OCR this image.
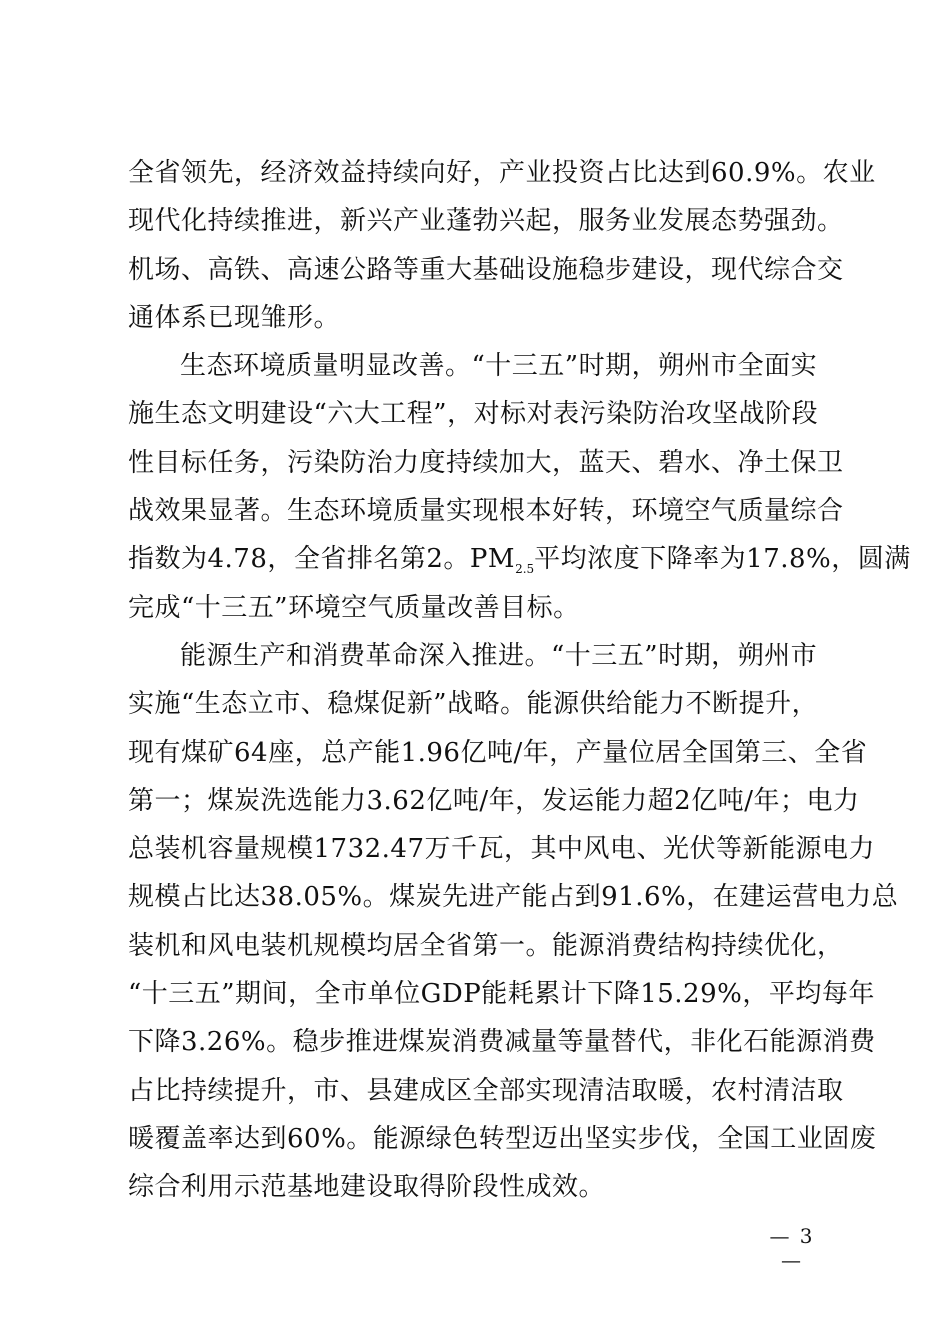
全省领先，经济效益持续向好，产业投资占比达到60.9%。农业
现代化持续推进，新兴产业蓬勃兴起，服务业发展态势强劲。
机场、高铁、高速公路等重大基础设施稳步建设，现代综合交
通体系已现雏形。
生态环境质量明显改善。“十三五”时期，朔州市全面实
施生态文明建设“六大工程”，对标对表污染防治攻坚战阶段
性目标任务，污染防治力度持续加大，蓝天、碧水、净土保卫
战效果显著。生态环境质量实现根本好转，环境空气质量综合
指数为4.78，全省排名第2。$PM_{2.5}$平均浓度下降率为17.8%，圆满
完成“十三五”环境空气质量改善目标。
能源生产和消费革命深入推进。“十三五”时期，朔州市
实施“生态立市、稳煤促新”战略。能源供给能力不断提升，
现有煤矿64座，总产能1.96亿吨/年，产量位居全国第三、全省
第一；煤炭洗选能力3.62亿吨/年，发运能力超2亿吨/年；电力
总装机容量规模1732.47万千瓦，其中风电、光伏等新能源电力
规模占比达38.05%。煤炭先进产能占到91.6%，在建运营电力总
装机和风电装机规模均居全省第一。能源消费结构持续优化，
“十三五”期间，全市单位GDP能耗累计下降15.29%，平均每年
下降3.26%。稳步推进煤炭消费减量等量替代，非化石能源消费
占比持续提升，市、县建成区全部实现清洁取暖，农村清洁取
暖覆盖率达到60%。能源绿色转型迈出坚实步伐，全国工业固废
综合利用示范基地建设取得阶段性成效。
— 3 —
